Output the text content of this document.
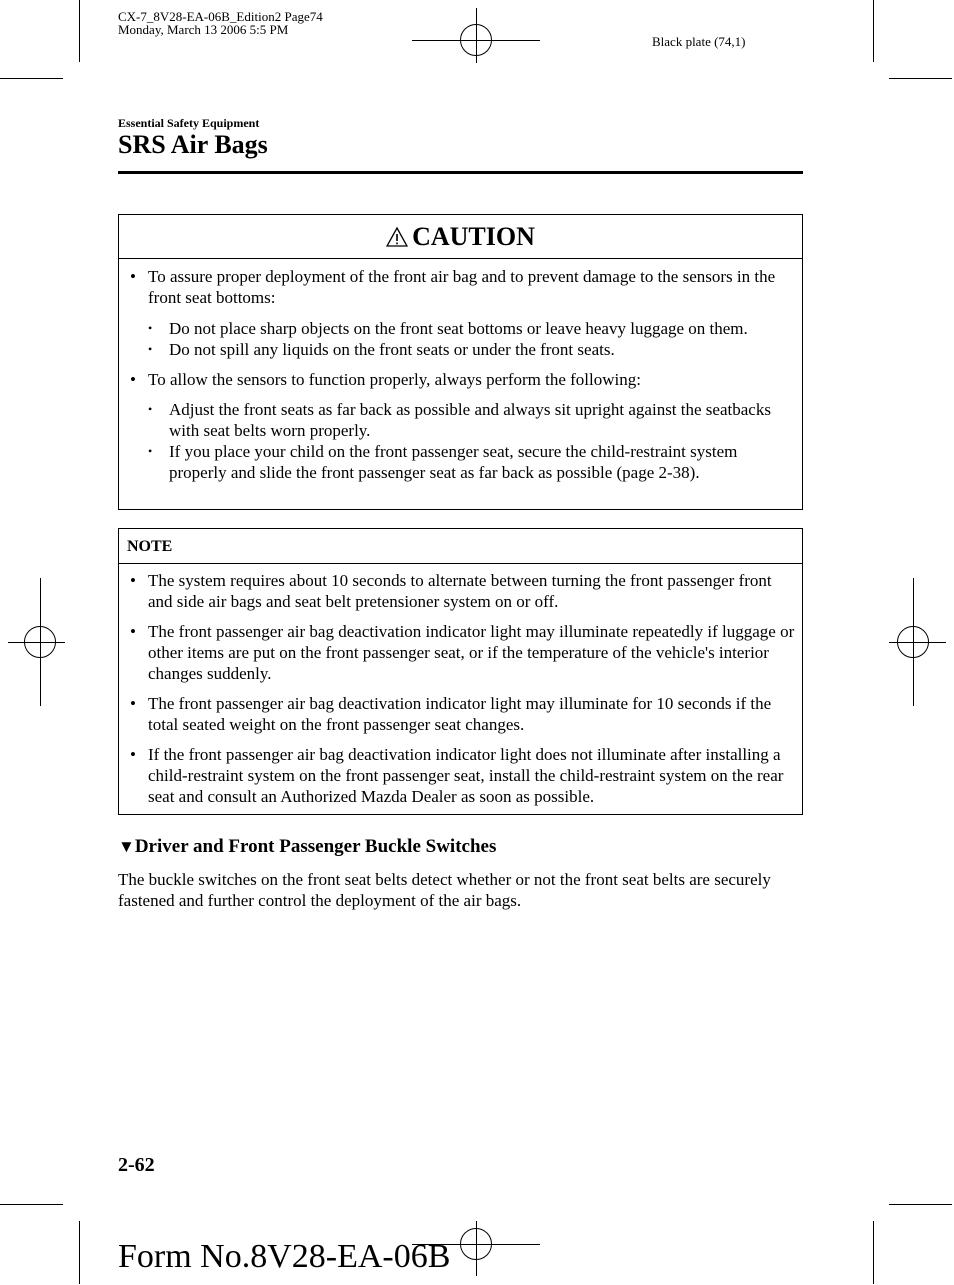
CX-7_8V28-EA-06B_Edition2 Page74
Monday, March 13 2006 5:5 PM
Black plate (74,1)
Essential Safety Equipment
SRS Air Bags
CAUTION
• To assure proper deployment of the front air bag and to prevent damage to the sensors in the front seat bottoms:
• Do not place sharp objects on the front seat bottoms or leave heavy luggage on them.
• Do not spill any liquids on the front seats or under the front seats.
• To allow the sensors to function properly, always perform the following:
• Adjust the front seats as far back as possible and always sit upright against the seatbacks with seat belts worn properly.
• If you place your child on the front passenger seat, secure the child-restraint system properly and slide the front passenger seat as far back as possible (page 2-38).
NOTE
• The system requires about 10 seconds to alternate between turning the front passenger front and side air bags and seat belt pretensioner system on or off.
• The front passenger air bag deactivation indicator light may illuminate repeatedly if luggage or other items are put on the front passenger seat, or if the temperature of the vehicle's interior changes suddenly.
• The front passenger air bag deactivation indicator light may illuminate for 10 seconds if the total seated weight on the front passenger seat changes.
• If the front passenger air bag deactivation indicator light does not illuminate after installing a child-restraint system on the front passenger seat, install the child-restraint system on the rear seat and consult an Authorized Mazda Dealer as soon as possible.
▼Driver and Front Passenger Buckle Switches
The buckle switches on the front seat belts detect whether or not the front seat belts are securely fastened and further control the deployment of the air bags.
2-62
Form No.8V28-EA-06B
